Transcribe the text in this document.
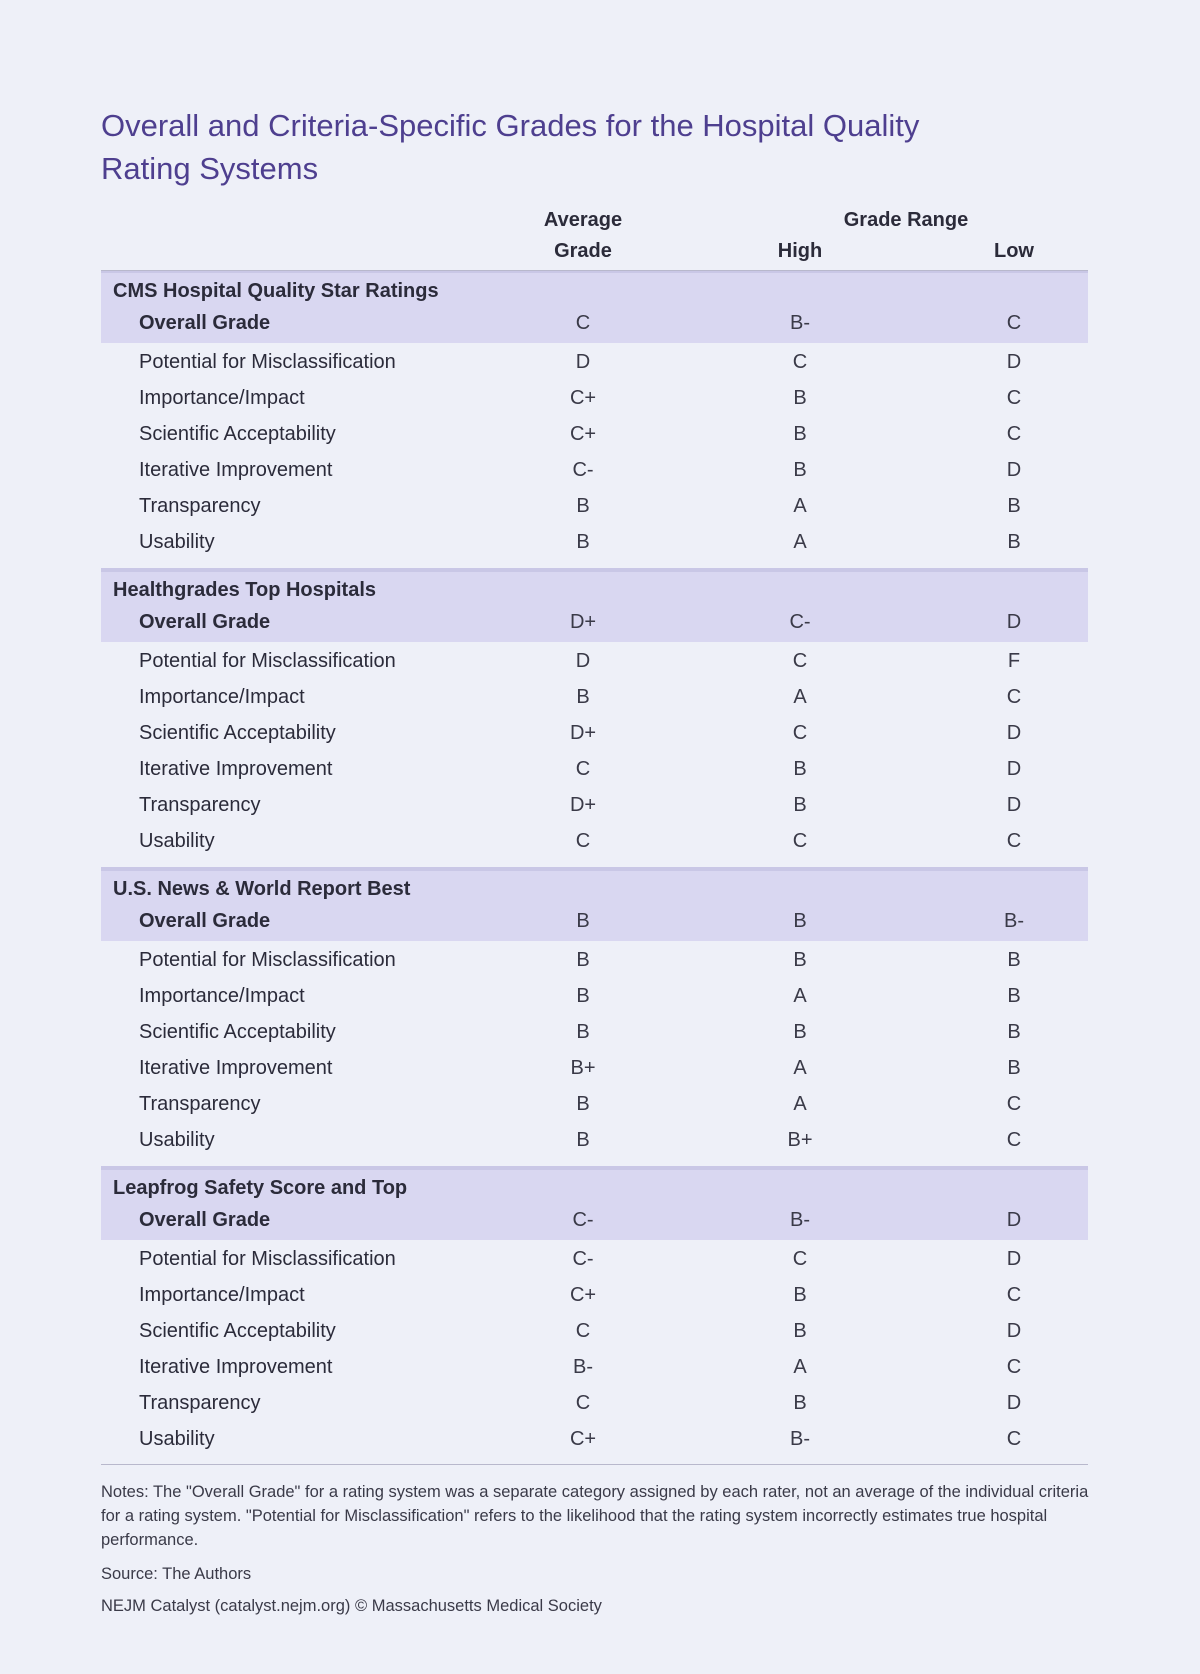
Overall and Criteria-Specific Grades for the Hospital Quality Rating Systems
Average
Grade
Grade Range
High	Low
CMS Hospital Quality Star Ratings
Overall Grade	C	B-	C
Potential for Misclassification	D	C	D
Importance/Impact	C+	B	C
Scientific Acceptability	C+	B	C
Iterative Improvement	C-	B	D
Transparency	B	A	B
Usability	B	A	B
Healthgrades Top Hospitals
Overall Grade	D+	C-	D
Potential for Misclassification	D	C	F
Importance/Impact	B	A	C
Scientific Acceptability	D+	C	D
Iterative Improvement	C	B	D
Transparency	D+	B	D
Usability	C	C	C
U.S. News & World Report Best
Overall Grade	B	B	B-
Potential for Misclassification	B	B	B
Importance/Impact	B	A	B
Scientific Acceptability	B	B	B
Iterative Improvement	B+	A	B
Transparency	B	A	C
Usability	B	B+	C
Leapfrog Safety Score and Top
Overall Grade	C-	B-	D
Potential for Misclassification	C-	C	D
Importance/Impact	C+	B	C
Scientific Acceptability	C	B	D
Iterative Improvement	B-	A	C
Transparency	C	B	D
Usability	C+	B-	C
Notes: The "Overall Grade" for a rating system was a separate category assigned by each rater, not an average of the individual criteria for a rating system. "Potential for Misclassification" refers to the likelihood that the rating system incorrectly estimates true hospital performance.
Source: The Authors
NEJM Catalyst (catalyst.nejm.org) © Massachusetts Medical Society
